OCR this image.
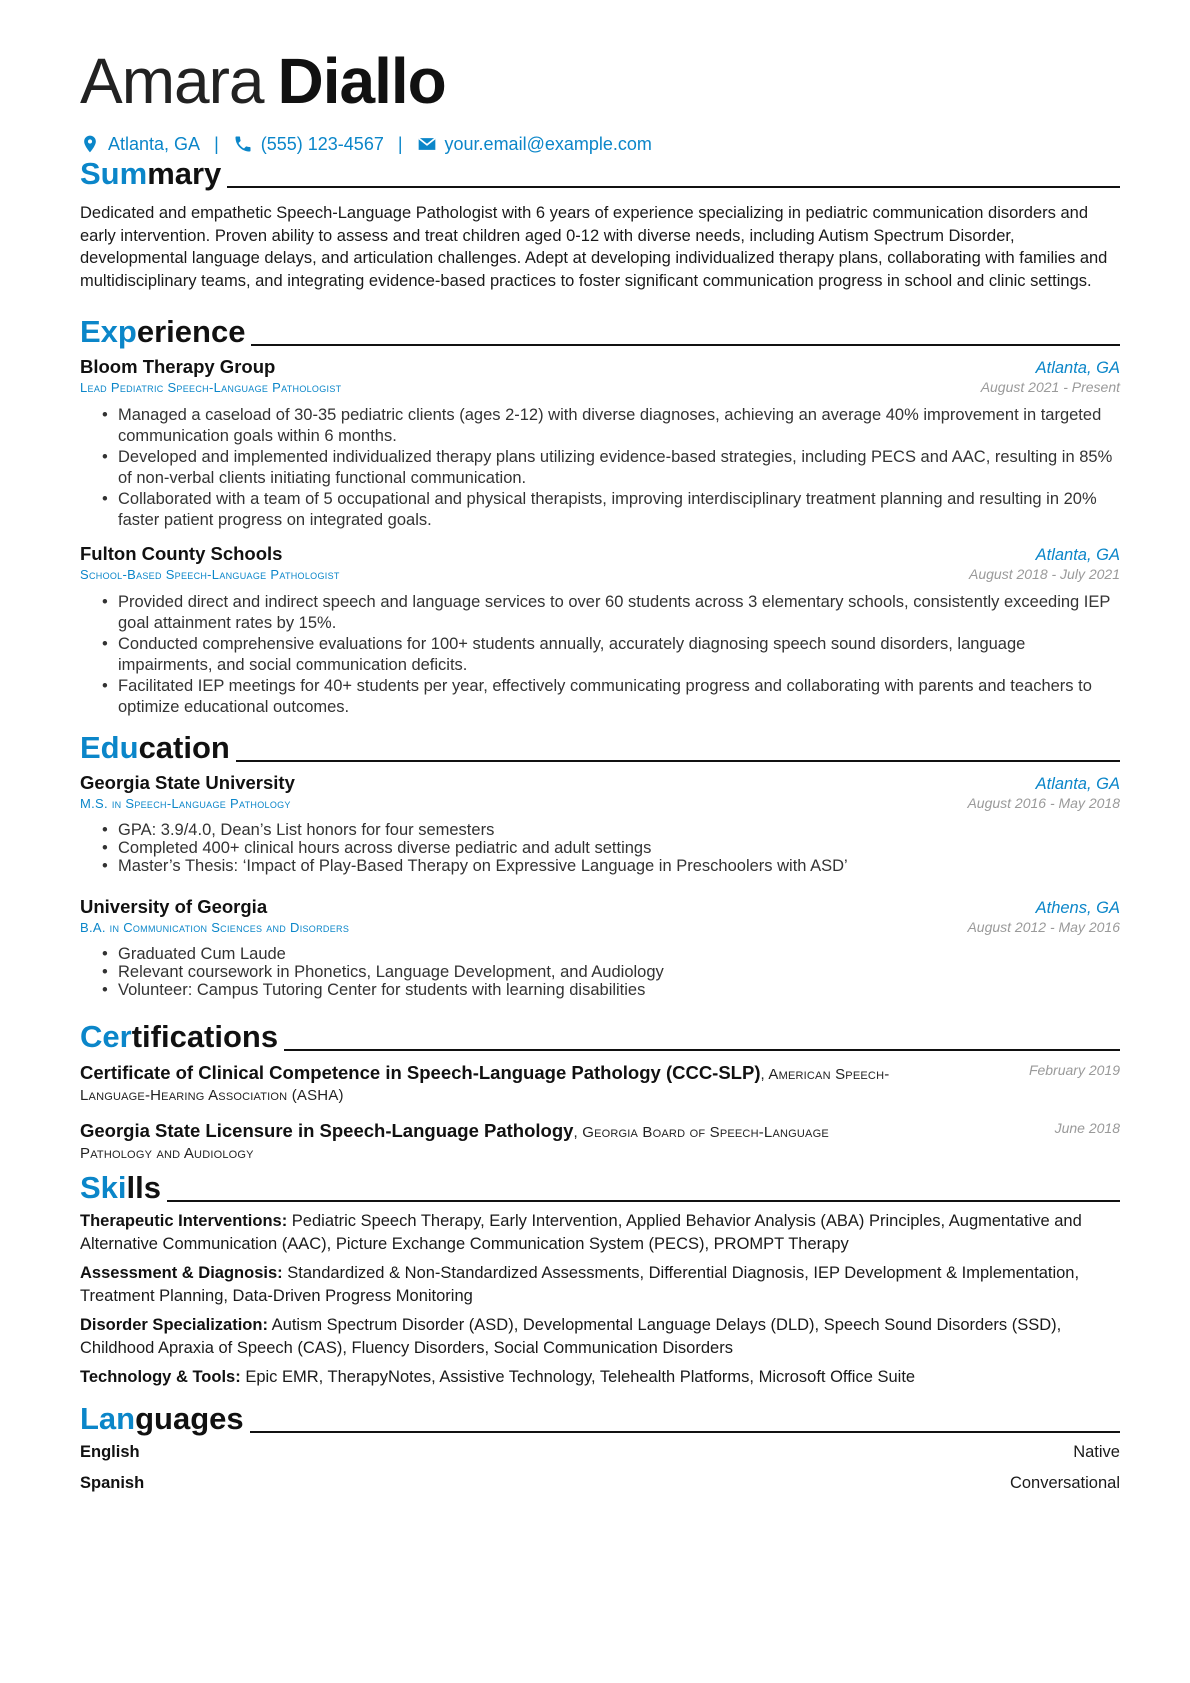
Amara Diallo
Atlanta, GA | (555) 123-4567 | your.email@example.com
Sum mary

Dedicated and empathetic Speech-Language Pathologist with 6 years of experience specializing in pediatric communication disorders and early intervention. Proven ability to assess and treat children aged 0-12 with diverse needs, including Autism Spectrum Disorder, developmental language delays, and articulation challenges. Adept at developing individualized therapy plans, collaborating with families and multidisciplinary teams, and integrating evidence-based practices to foster significant communication progress in school and clinic settings.

Exp erience
Bloom Therapy Group	Atlanta, GA
Lead Pediatric Speech-Language Pathologist	August 2021 - Present
• Managed a caseload of 30-35 pediatric clients (ages 2-12) with diverse diagnoses, achieving an average 40% improvement in targeted communication goals within 6 months.
• Developed and implemented individualized therapy plans utilizing evidence-based strategies, including PECS and AAC, resulting in 85% of non-verbal clients initiating functional communication.
• Collaborated with a team of 5 occupational and physical therapists, improving interdisciplinary treatment planning and resulting in 20% faster patient progress on integrated goals.
Fulton County Schools	Atlanta, GA
School-Based Speech-Language Pathologist	August 2018 - July 2021
• Provided direct and indirect speech and language services to over 60 students across 3 elementary schools, consistently exceeding IEP goal attainment rates by 15%.
• Conducted comprehensive evaluations for 100+ students annually, accurately diagnosing speech sound disorders, language impairments, and social communication deficits.
• Facilitated IEP meetings for 40+ students per year, effectively communicating progress and collaborating with parents and teachers to optimize educational outcomes.
Edu cation
Georgia State University	Atlanta, GA
M.S. in Speech-Language Pathology	August 2016 - May 2018
• GPA: 3.9/4.0, Dean’s List honors for four semesters
• Completed 400+ clinical hours across diverse pediatric and adult settings
• Master’s Thesis: ‘Impact of Play-Based Therapy on Expressive Language in Preschoolers with ASD’
University of Georgia	Athens, GA
B.A. in Communication Sciences and Disorders	August 2012 - May 2016
• Graduated Cum Laude
• Relevant coursework in Phonetics, Language Development, and Audiology
• Volunteer: Campus Tutoring Center for students with learning disabilities
Cer tifications
Certificate of Clinical Competence in Speech-Language Pathology (CCC-SLP), American Speech-Language-Hearing Association (ASHA)
February 2019
Georgia State Licensure in Speech-Language Pathology, Georgia Board of Speech-Language Pathology and Audiology
June 2018
Ski lls
Therapeutic Interventions: Pediatric Speech Therapy, Early Intervention, Applied Behavior Analysis (ABA) Principles, Augmentative and Alternative Communication (AAC), Picture Exchange Communication System (PECS), PROMPT Therapy
Assessment & Diagnosis: Standardized & Non-Standardized Assessments, Differential Diagnosis, IEP Development & Implementation, Treatment Planning, Data-Driven Progress Monitoring
Disorder Specialization: Autism Spectrum Disorder (ASD), Developmental Language Delays (DLD), Speech Sound Disorders (SSD), Childhood Apraxia of Speech (CAS), Fluency Disorders, Social Communication Disorders
Technology & Tools: Epic EMR, TherapyNotes, Assistive Technology, Telehealth Platforms, Microsoft Office Suite
Lan guages
English	Native
Spanish	Conversational
